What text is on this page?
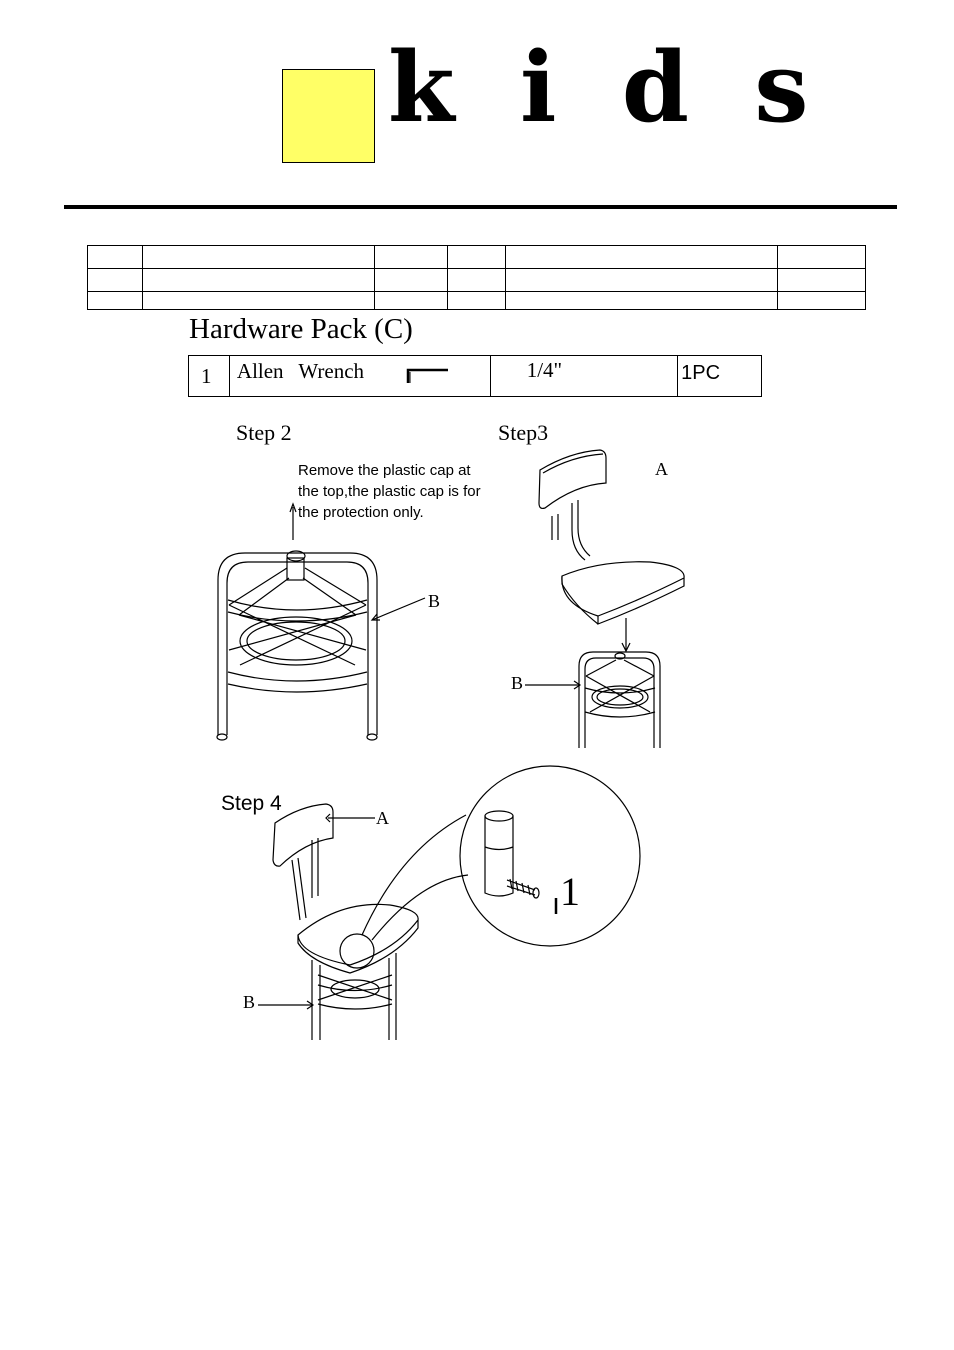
k i d s

Hardware Pack (C)
1	Allen Wrench	1/4"	1PC
Step 2	Step3
Step 4
Remove the plastic cap at
the top,the plastic cap is for
the protection only.
B
A
B
A
B
1
